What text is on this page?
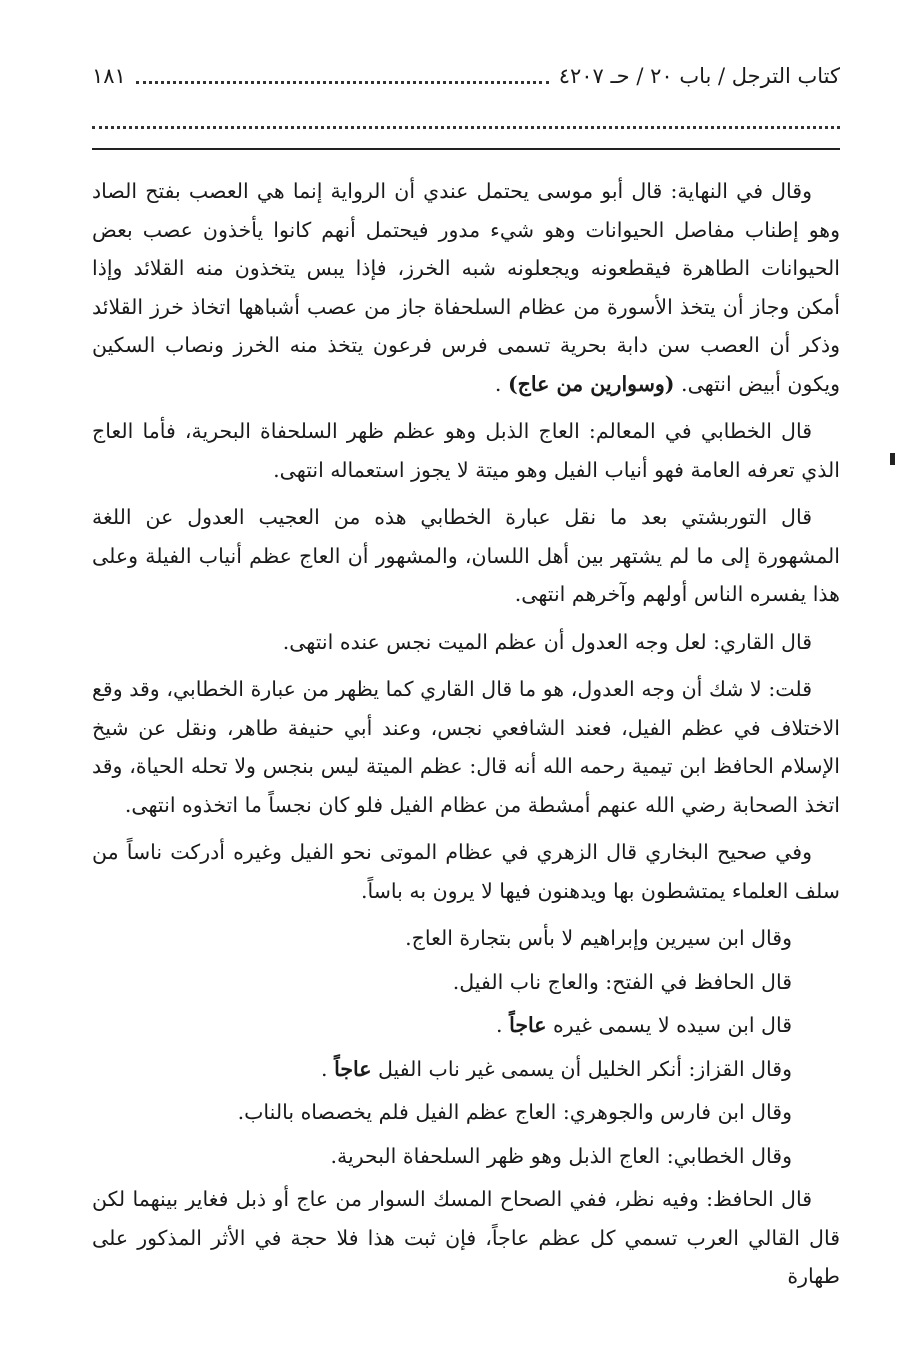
كتاب الترجل / باب ٢٠ / حـ ٤٢٠٧
١٨١

وقال في النهاية: قال أبو موسى يحتمل عندي أن الرواية إنما هي العصب بفتح الصاد وهو إطناب مفاصل الحيوانات وهو شيء مدور فيحتمل أنهم كانوا يأخذون عصب بعض الحيوانات الطاهرة فيقطعونه ويجعلونه شبه الخرز، فإذا يبس يتخذون منه القلائد وإذا أمكن وجاز أن يتخذ الأسورة من عظام السلحفاة جاز من عصب أشباهها اتخاذ خرز القلائد وذكر أن العصب سن دابة بحرية تسمى فرس فرعون يتخذ منه الخرز ونصاب السكين ويكون أبيض انتهى. (وسوارين من عاج) .

قال الخطابي في المعالم: العاج الذبل وهو عظم ظهر السلحفاة البحرية، فأما العاج الذي تعرفه العامة فهو أنياب الفيل وهو ميتة لا يجوز استعماله انتهى.

قال التوربشتي بعد ما نقل عبارة الخطابي هذه من العجيب العدول عن اللغة المشهورة إلى ما لم يشتهر بين أهل اللسان، والمشهور أن العاج عظم أنياب الفيلة وعلى هذا يفسره الناس أولهم وآخرهم انتهى.

قال القاري: لعل وجه العدول أن عظم الميت نجس عنده انتهى.

قلت: لا شك أن وجه العدول، هو ما قال القاري كما يظهر من عبارة الخطابي، وقد وقع الاختلاف في عظم الفيل، فعند الشافعي نجس، وعند أبي حنيفة طاهر، ونقل عن شيخ الإسلام الحافظ ابن تيمية رحمه الله أنه قال: عظم الميتة ليس بنجس ولا تحله الحياة، وقد اتخذ الصحابة رضي الله عنهم أمشطة من عظام الفيل فلو كان نجساً ما اتخذوه انتهى.

وفي صحيح البخاري قال الزهري في عظام الموتى نحو الفيل وغيره أدركت ناساً من سلف العلماء يمتشطون بها ويدهنون فيها لا يرون به باساً.

وقال ابن سيرين وإبراهيم لا بأس بتجارة العاج.

قال الحافظ في الفتح: والعاج ناب الفيل.

قال ابن سيده لا يسمى غيره عاجاً .

وقال القزاز: أنكر الخليل أن يسمى غير ناب الفيل عاجاً .

وقال ابن فارس والجوهري: العاج عظم الفيل فلم يخصصاه بالناب.

وقال الخطابي: العاج الذبل وهو ظهر السلحفاة البحرية.

قال الحافظ: وفيه نظر، ففي الصحاح المسك السوار من عاج أو ذبل فغاير بينهما لكن قال القالي العرب تسمي كل عظم عاجاً، فإن ثبت هذا فلا حجة في الأثر المذكور على طهارة
